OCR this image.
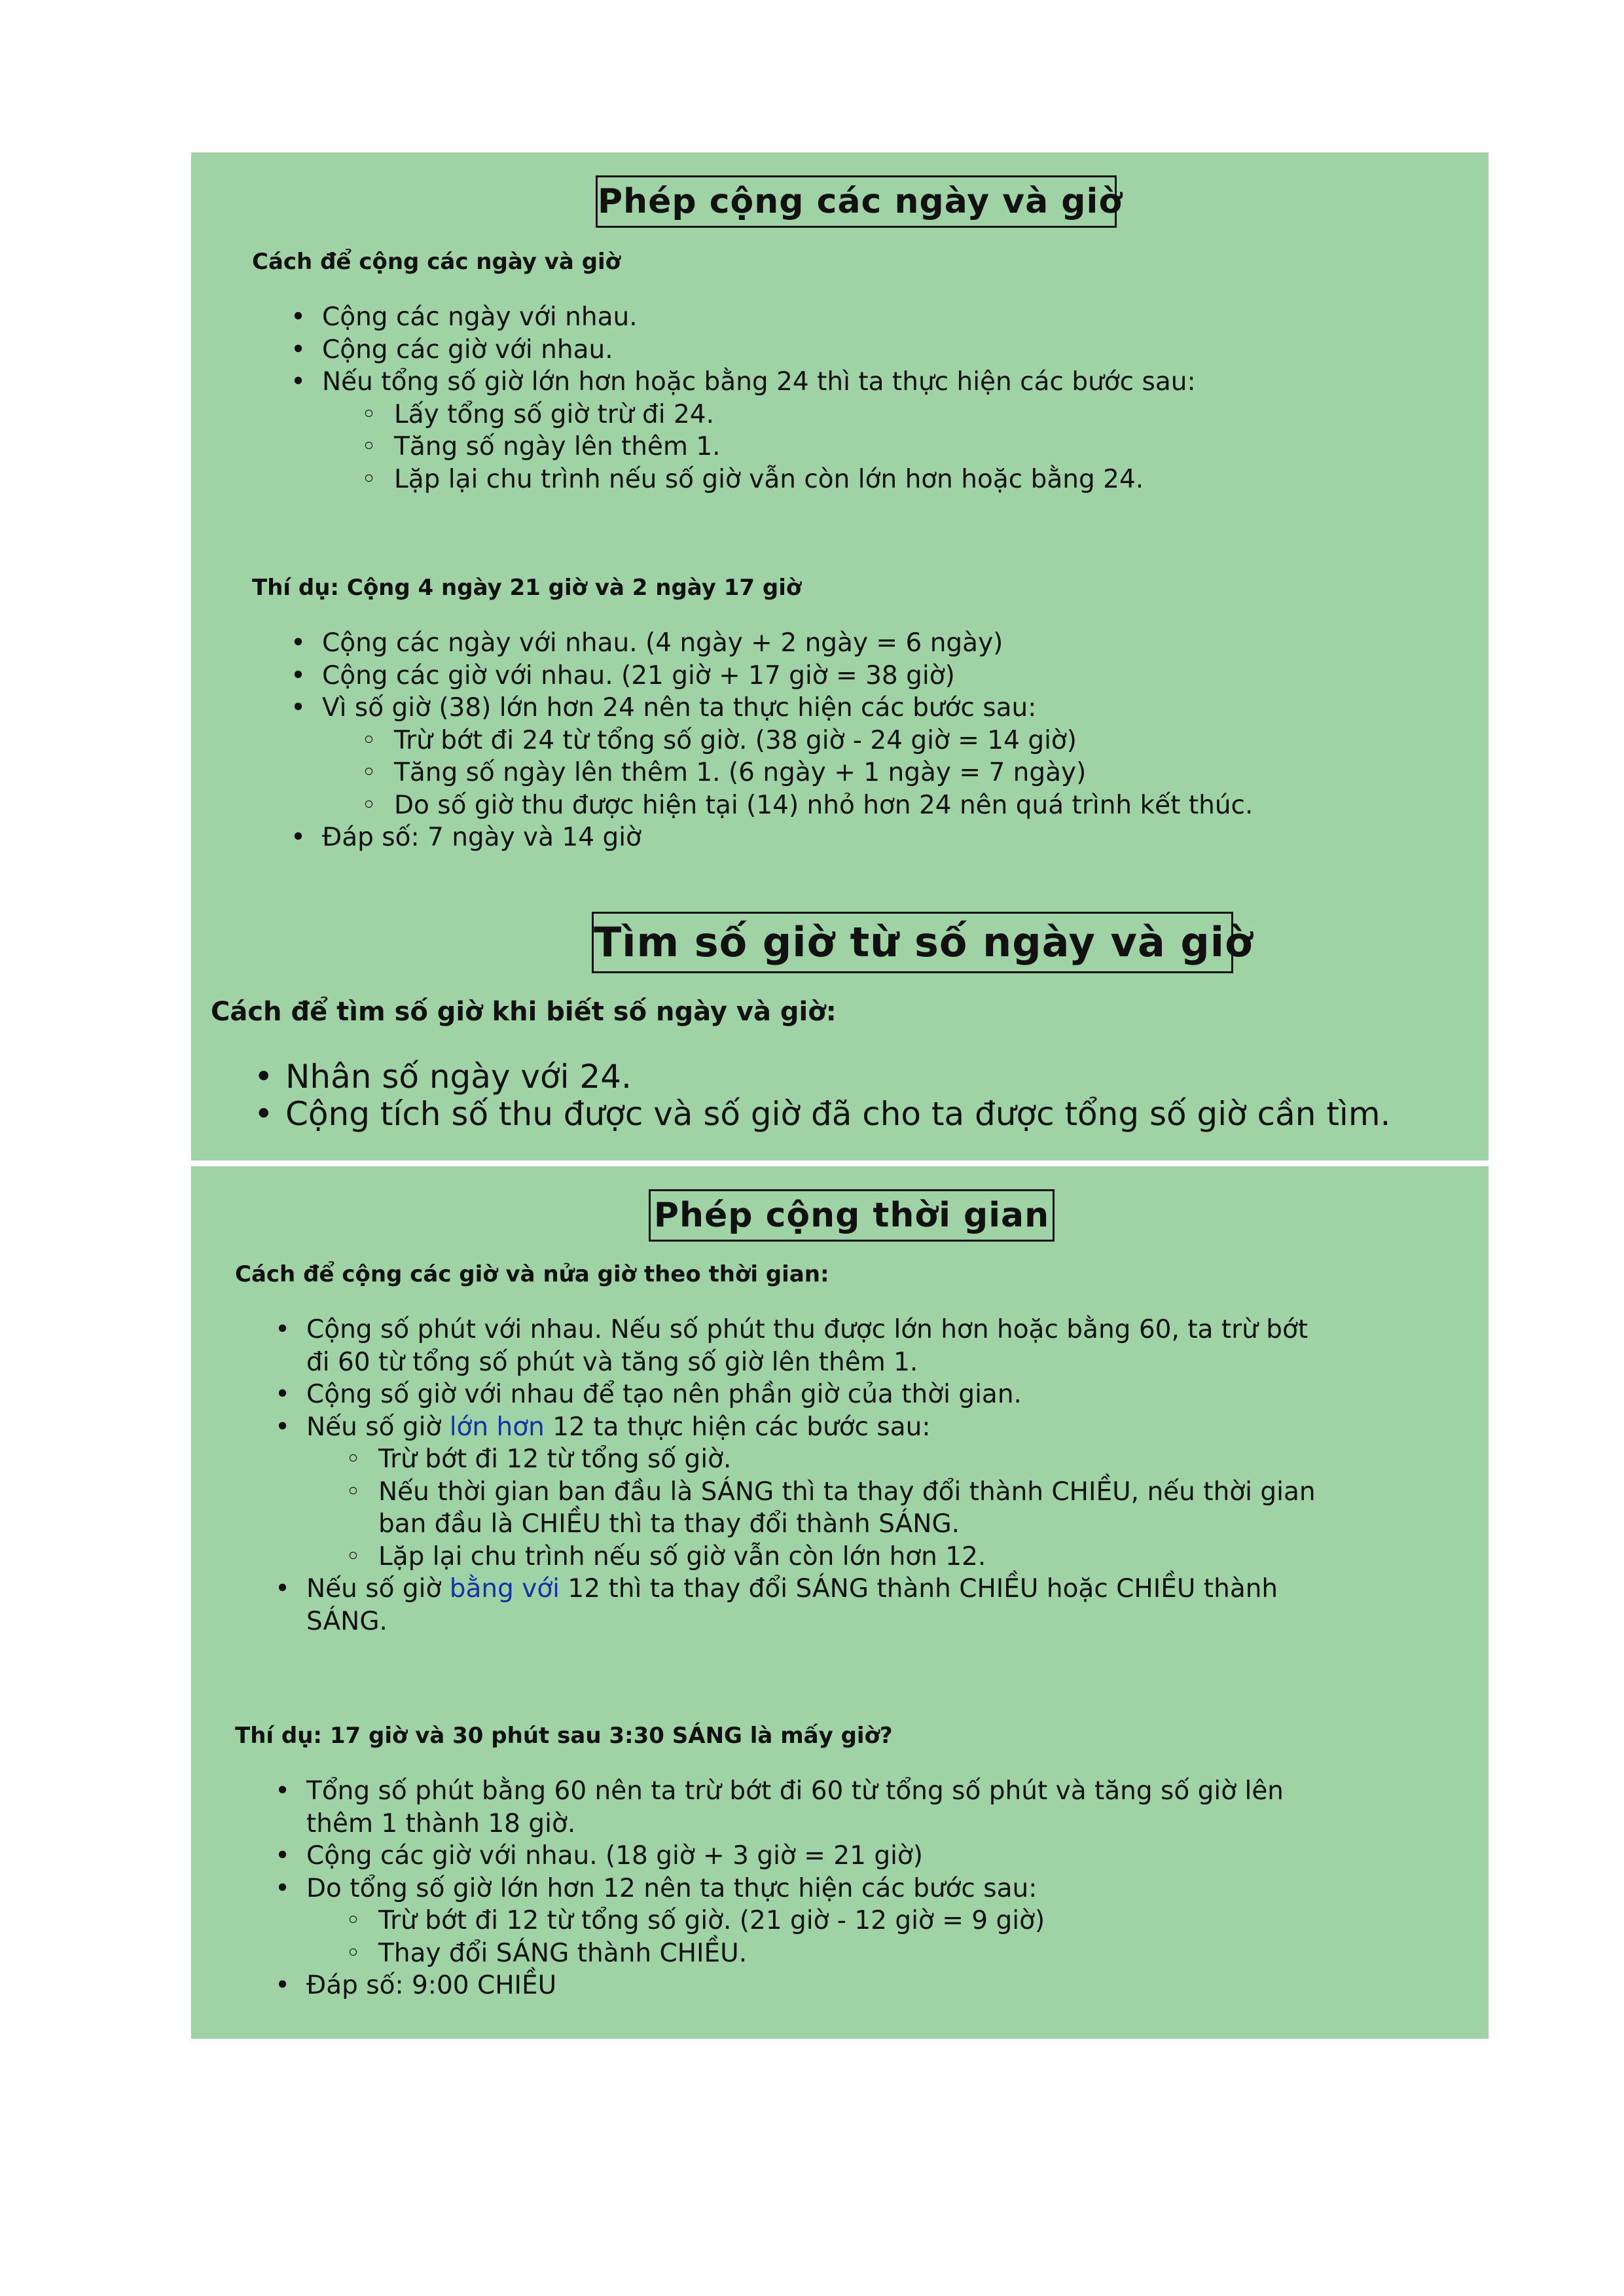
Phép cộng các ngày và giờ
Cách để cộng các ngày và giờ
• Cộng các ngày với nhau.
• Cộng các giờ với nhau.
• Nếu tổng số giờ lớn hơn hoặc bằng 24 thì ta thực hiện các bước sau:
◦ Lấy tổng số giờ trừ đi 24.
◦ Tăng số ngày lên thêm 1.
◦ Lặp lại chu trình nếu số giờ vẫn còn lớn hơn hoặc bằng 24.
Thí dụ: Cộng 4 ngày 21 giờ và 2 ngày 17 giờ
• Cộng các ngày với nhau. (4 ngày + 2 ngày = 6 ngày)
• Cộng các giờ với nhau. (21 giờ + 17 giờ = 38 giờ)
• Vì số giờ (38) lớn hơn 24 nên ta thực hiện các bước sau:
◦ Trừ bớt đi 24 từ tổng số giờ. (38 giờ - 24 giờ = 14 giờ)
◦ Tăng số ngày lên thêm 1. (6 ngày + 1 ngày = 7 ngày)
◦ Do số giờ thu được hiện tại (14) nhỏ hơn 24 nên quá trình kết thúc.
• Đáp số: 7 ngày và 14 giờ
Tìm số giờ từ số ngày và giờ
Cách để tìm số giờ khi biết số ngày và giờ:
• Nhân số ngày với 24.
• Cộng tích số thu được và số giờ đã cho ta được tổng số giờ cần tìm.
Phép cộng thời gian
Cách để cộng các giờ và nửa giờ theo thời gian:
• Cộng số phút với nhau. Nếu số phút thu được lớn hơn hoặc bằng 60, ta trừ bớt
đi 60 từ tổng số phút và tăng số giờ lên thêm 1.
• Cộng số giờ với nhau để tạo nên phần giờ của thời gian.
• Nếu số giờ lớn hơn 12 ta thực hiện các bước sau:
◦ Trừ bớt đi 12 từ tổng số giờ.
◦ Nếu thời gian ban đầu là SÁNG thì ta thay đổi thành CHIỀU, nếu thời gian
ban đầu là CHIỀU thì ta thay đổi thành SÁNG.
◦ Lặp lại chu trình nếu số giờ vẫn còn lớn hơn 12.
• Nếu số giờ bằng với 12 thì ta thay đổi SÁNG thành CHIỀU hoặc CHIỀU thành
SÁNG.
Thí dụ: 17 giờ và 30 phút sau 3:30 SÁNG là mấy giờ?
• Tổng số phút bằng 60 nên ta trừ bớt đi 60 từ tổng số phút và tăng số giờ lên
thêm 1 thành 18 giờ.
• Cộng các giờ với nhau. (18 giờ + 3 giờ = 21 giờ)
• Do tổng số giờ lớn hơn 12 nên ta thực hiện các bước sau:
◦ Trừ bớt đi 12 từ tổng số giờ. (21 giờ - 12 giờ = 9 giờ)
◦ Thay đổi SÁNG thành CHIỀU.
• Đáp số: 9:00 CHIỀU
